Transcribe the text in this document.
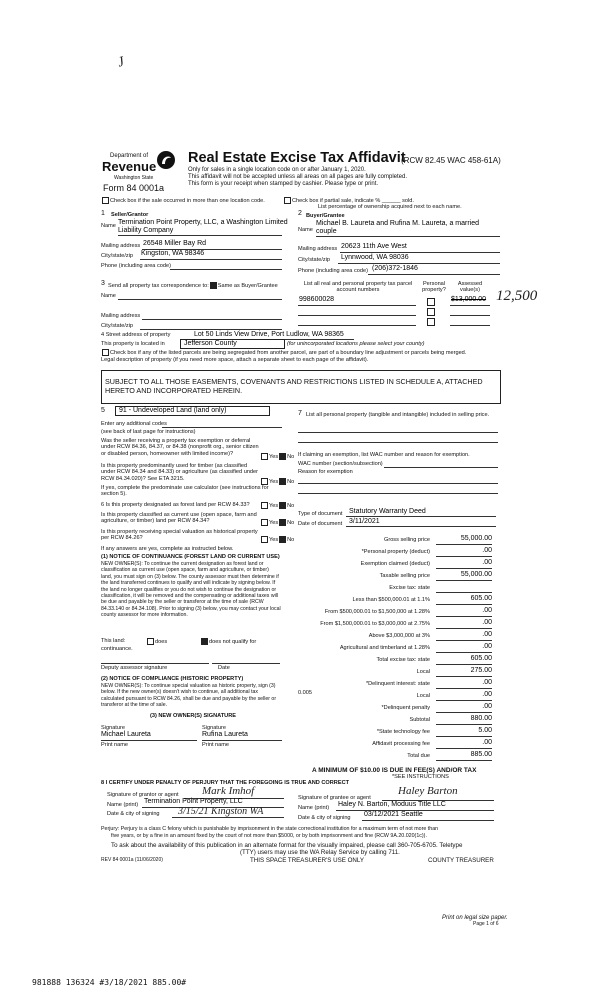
J
Department of
Revenue
Washington State
Form 84 0001a
Real Estate Excise Tax Affidavit
(RCW 82.45 WAC 458-61A)
Only for sales in a single location code on or after January 1, 2020.
This affidavit will not be accepted unless all areas on all pages are fully completed.
This form is your receipt when stamped by cashier. Please type or print.
Check box if the sale occurred in more than one location code.	Check box if partial sale, indicate % ______ sold.
List percentage of ownership acquired next to each name.
1 Seller/Grantor
Name Termination Point Property, LLC, a Washington Limited
Liability Company
Mailing address 26548 Miller Bay Rd
City/state/zip Kingston, WA 98346
Phone (including area code)
2 Buyer/Grantee
Name
Michael B. Laureta and Rufina M. Laureta, a married
couple
Mailing address 20623 11th Ave West
City/state/zip Lynnwood, WA 98036
Phone (including area code) (206)372-1846
3 Send all property tax correspondence to: Same as Buyer/Grantee
Name
Mailing address
City/state/zip
List all real and personal property tax parcel account numbers
Personal property?
Assessed value(s)
998600028	$13,000.00 12,500
4 Street address of property	Lot 50 Linds View Drive, Port Ludlow, WA 98365
This property is located in	Jefferson County	(for unincorporated locations please select your county)
Check box if any of the listed parcels are being segregated from another parcel, are part of a boundary line adjustment or parcels being merged.
Legal description of property (if you need more space, attach a separate sheet to each page of the affidavit).
SUBJECT TO ALL THOSE EASEMENTS, COVENANTS AND RESTRICTIONS LISTED IN SCHEDULE A, ATTACHED HERETO AND INCORPORATED HEREIN.
5	91 - Undeveloped Land (land only)
Enter any additional codes
(see back of last page for instructions)
Was the seller receiving a property tax exemption or deferral under RCW 84.36, 84.37, or 84.38 (nonprofit org., senior citizen or disabled person, homeowner with limited income)?
Yes No
Is this property predominantly used for timber (as classified under RCW 84.34 and 84.33) or agriculture (as classified under RCW 84.34.020)? See ETA 3215.
Yes No
If yes, complete the predominate use calculator (see instructions for section 5).
6 Is this property designated as forest land per RCW 84.33?	Yes No
Is this property classified as current use (open space, farm and agriculture, or timber) land per RCW 84.34?	Yes No
Is this property receiving special valuation as historical property per RCW 84.26?	Yes No
If any answers are yes, complete as instructed below.
(1) NOTICE OF CONTINUANCE (FOREST LAND OR CURRENT USE)
NEW OWNER(S): To continue the current designation as forest land or classification as current use (open space, farm and agriculture, or timber) land, you must sign on (3) below. The county assessor must then determine if the land transferred continues to qualify and will indicate by signing below. If the land no longer qualifies or you do not wish to continue the designation or classification, it will be removed and the compensating or additional taxes will be due and payable by the seller or transferor at the time of sale (RCW 84.33.140 or 84.34.108). Prior to signing (3) below, you may contact your local county assessor for more information.
This land:	does	does not qualify for
continuance.
Deputy assessor signature	Date
(2) NOTICE OF COMPLIANCE (HISTORIC PROPERTY)
NEW OWNER(S): To continue special valuation as historic property, sign (3) below. If the new owner(s) doesn't wish to continue, all additional tax calculated pursuant to RCW 84.26, shall be due and payable by the seller or transferor at the time of sale.
(3) NEW OWNER(S) SIGNATURE
Signature	Signature
Michael Laureta	Rufina Laureta
Print name	Print name
7 List all personal property (tangible and intangible) included in selling price.
If claiming an exemption, list WAC number and reason for exemption.
WAC number (section/subsection)
Reason for exemption
Type of document Statutory Warranty Deed
Date of document 3/11/2021
Gross selling price	55,000.00
*Personal property (deduct)	.00
Exemption claimed (deduct)	.00
Taxable selling price	55,000.00
Excise tax: state
Less than $500,000.01 at 1.1%	605.00
From $500,000.01 to $1,500,000 at 1.28%	.00
From $1,500,000.01 to $3,000,000 at 2.75%	.00
Above $3,000,000 at 3%	.00
Agricultural and timberland at 1.28%	.00
Total excise tax: state	605.00
Local	275.00
*Delinquent interest: state	.00
Local	.00
*Delinquent penalty	.00
Subtotal	880.00
*State technology fee	5.00
Affidavit processing fee	.00
Total due	885.00
0.005
A MINIMUM OF $10.00 IS DUE IN FEE(S) AND/OR TAX
*SEE INSTRUCTIONS
8 I CERTIFY UNDER PENALTY OF PERJURY THAT THE FOREGOING IS TRUE AND CORRECT
Signature of grantor or agent Mark Imhof
Name (print) Termination Point Property, LLC
Date & city of signing 3/15/21 Kingston WA
Signature of grantee or agent
Haley Barton
Name (print) Haley N. Barton, Moduus Title LLC
Date & city of signing 03/12/2021 Seattle
Perjury: Perjury is a class C felony which is punishable by imprisonment in the state correctional institution for a maximum term of not more than
five years, or by a fine in an amount fixed by the court of not more than $5000, or by both imprisonment and fine (RCW 9A.20.020(1c)).
To ask about the availability of this publication in an alternate format for the visually impaired, please call 360-705-6705. Teletype
(TTY) users may use the WA Relay Service by calling 711.
REV 84 0001a (11/06/2020)	THIS SPACE TREASURER'S USE ONLY	COUNTY TREASURER
Print on legal size paper.
Page 1 of 6
981888 136324 #3/18/2021 885.00#
